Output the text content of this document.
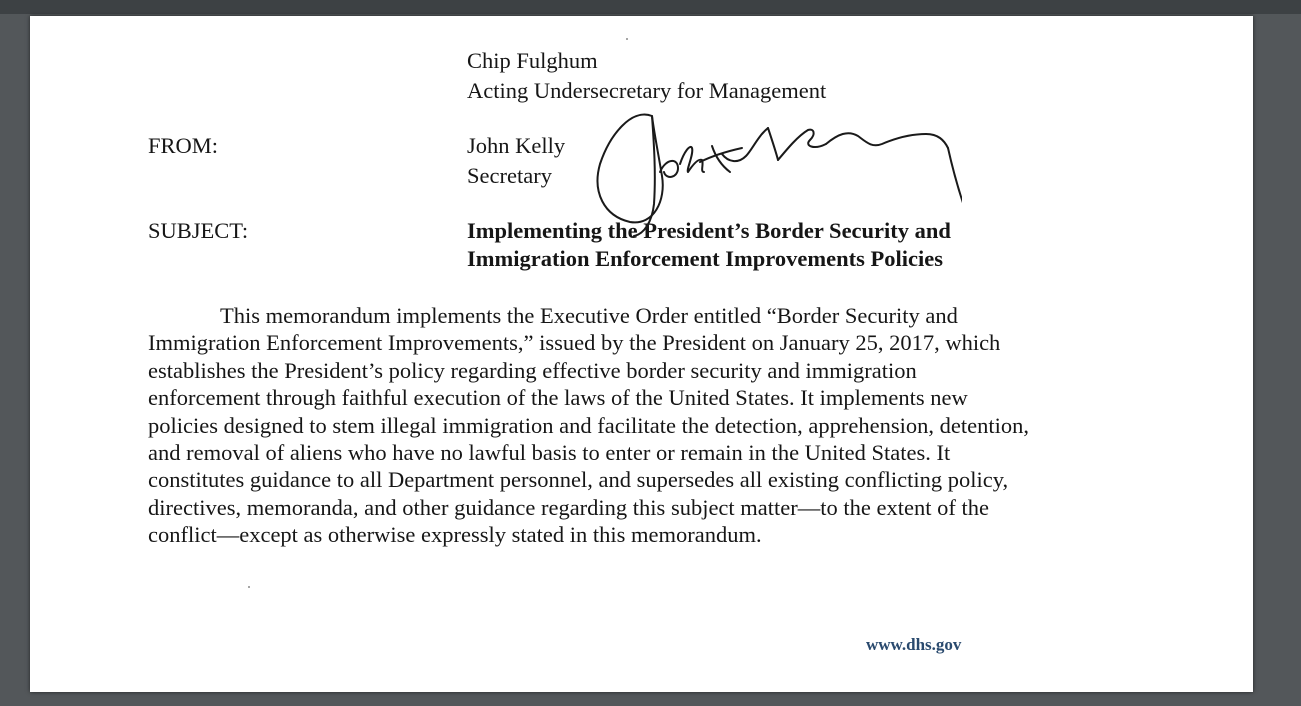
Chip Fulghum
Acting Undersecretary for Management
FROM:	John Kelly
Secretary
SUBJECT:	Implementing the President’s Border Security and
Immigration Enforcement Improvements Policies
This memorandum implements the Executive Order entitled “Border Security and
Immigration Enforcement Improvements,” issued by the President on January 25, 2017, which
establishes the President’s policy regarding effective border security and immigration
enforcement through faithful execution of the laws of the United States. It implements new
policies designed to stem illegal immigration and facilitate the detection, apprehension, detention,
and removal of aliens who have no lawful basis to enter or remain in the United States. It
constitutes guidance to all Department personnel, and supersedes all existing conflicting policy,
directives, memoranda, and other guidance regarding this subject matter—to the extent of the
conflict—except as otherwise expressly stated in this memorandum.
www.dhs.gov
